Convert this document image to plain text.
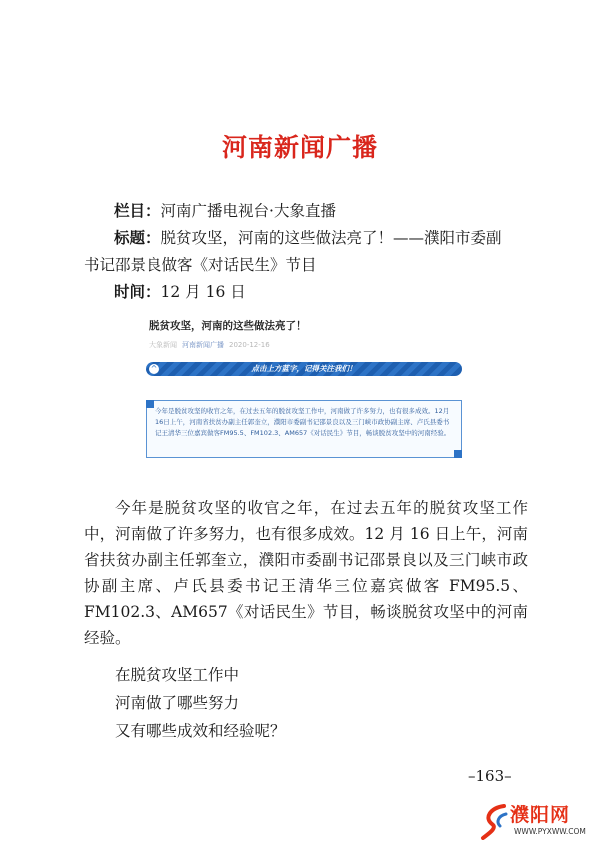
河南新闻广播
栏目：河南广播电视台·大象直播
标题：脱贫攻坚，河南的这些做法亮了！——濮阳市委副
书记邵景良做客《对话民生》节目
时间：12 月 16 日
脱贫攻坚，河南的这些做法亮了！
大象新闻 河南新闻广播 2020-12-16
^	点击上方蓝字，记得关注我们！
今年是脱贫攻坚的收官之年，在过去五年的脱贫攻坚工作中，河南做了许多努力，也有很多成效。12月16日上午，河南省扶贫办副主任郭奎立，濮阳市委副书记邵景良以及三门峡市政协副主席、卢氏县委书记王清华三位嘉宾做客FM95.5、FM102.3、AM657《对话民生》节目，畅谈脱贫攻坚中的河南经验。
今年是脱贫攻坚的收官之年，在过去五年的脱贫攻坚工作中，河南做了许多努力，也有很多成效。12 月 16 日上午，河南省扶贫办副主任郭奎立，濮阳市委副书记邵景良以及三门峡市政协副主席、卢氏县委书记王清华三位嘉宾做客 FM95.5、FM102.3、AM657《对话民生》节目，畅谈脱贫攻坚中的河南经验。
在脱贫攻坚工作中
河南做了哪些努力
又有哪些成效和经验呢？
–163–
濮阳网
WWW.PYXWW.COM
